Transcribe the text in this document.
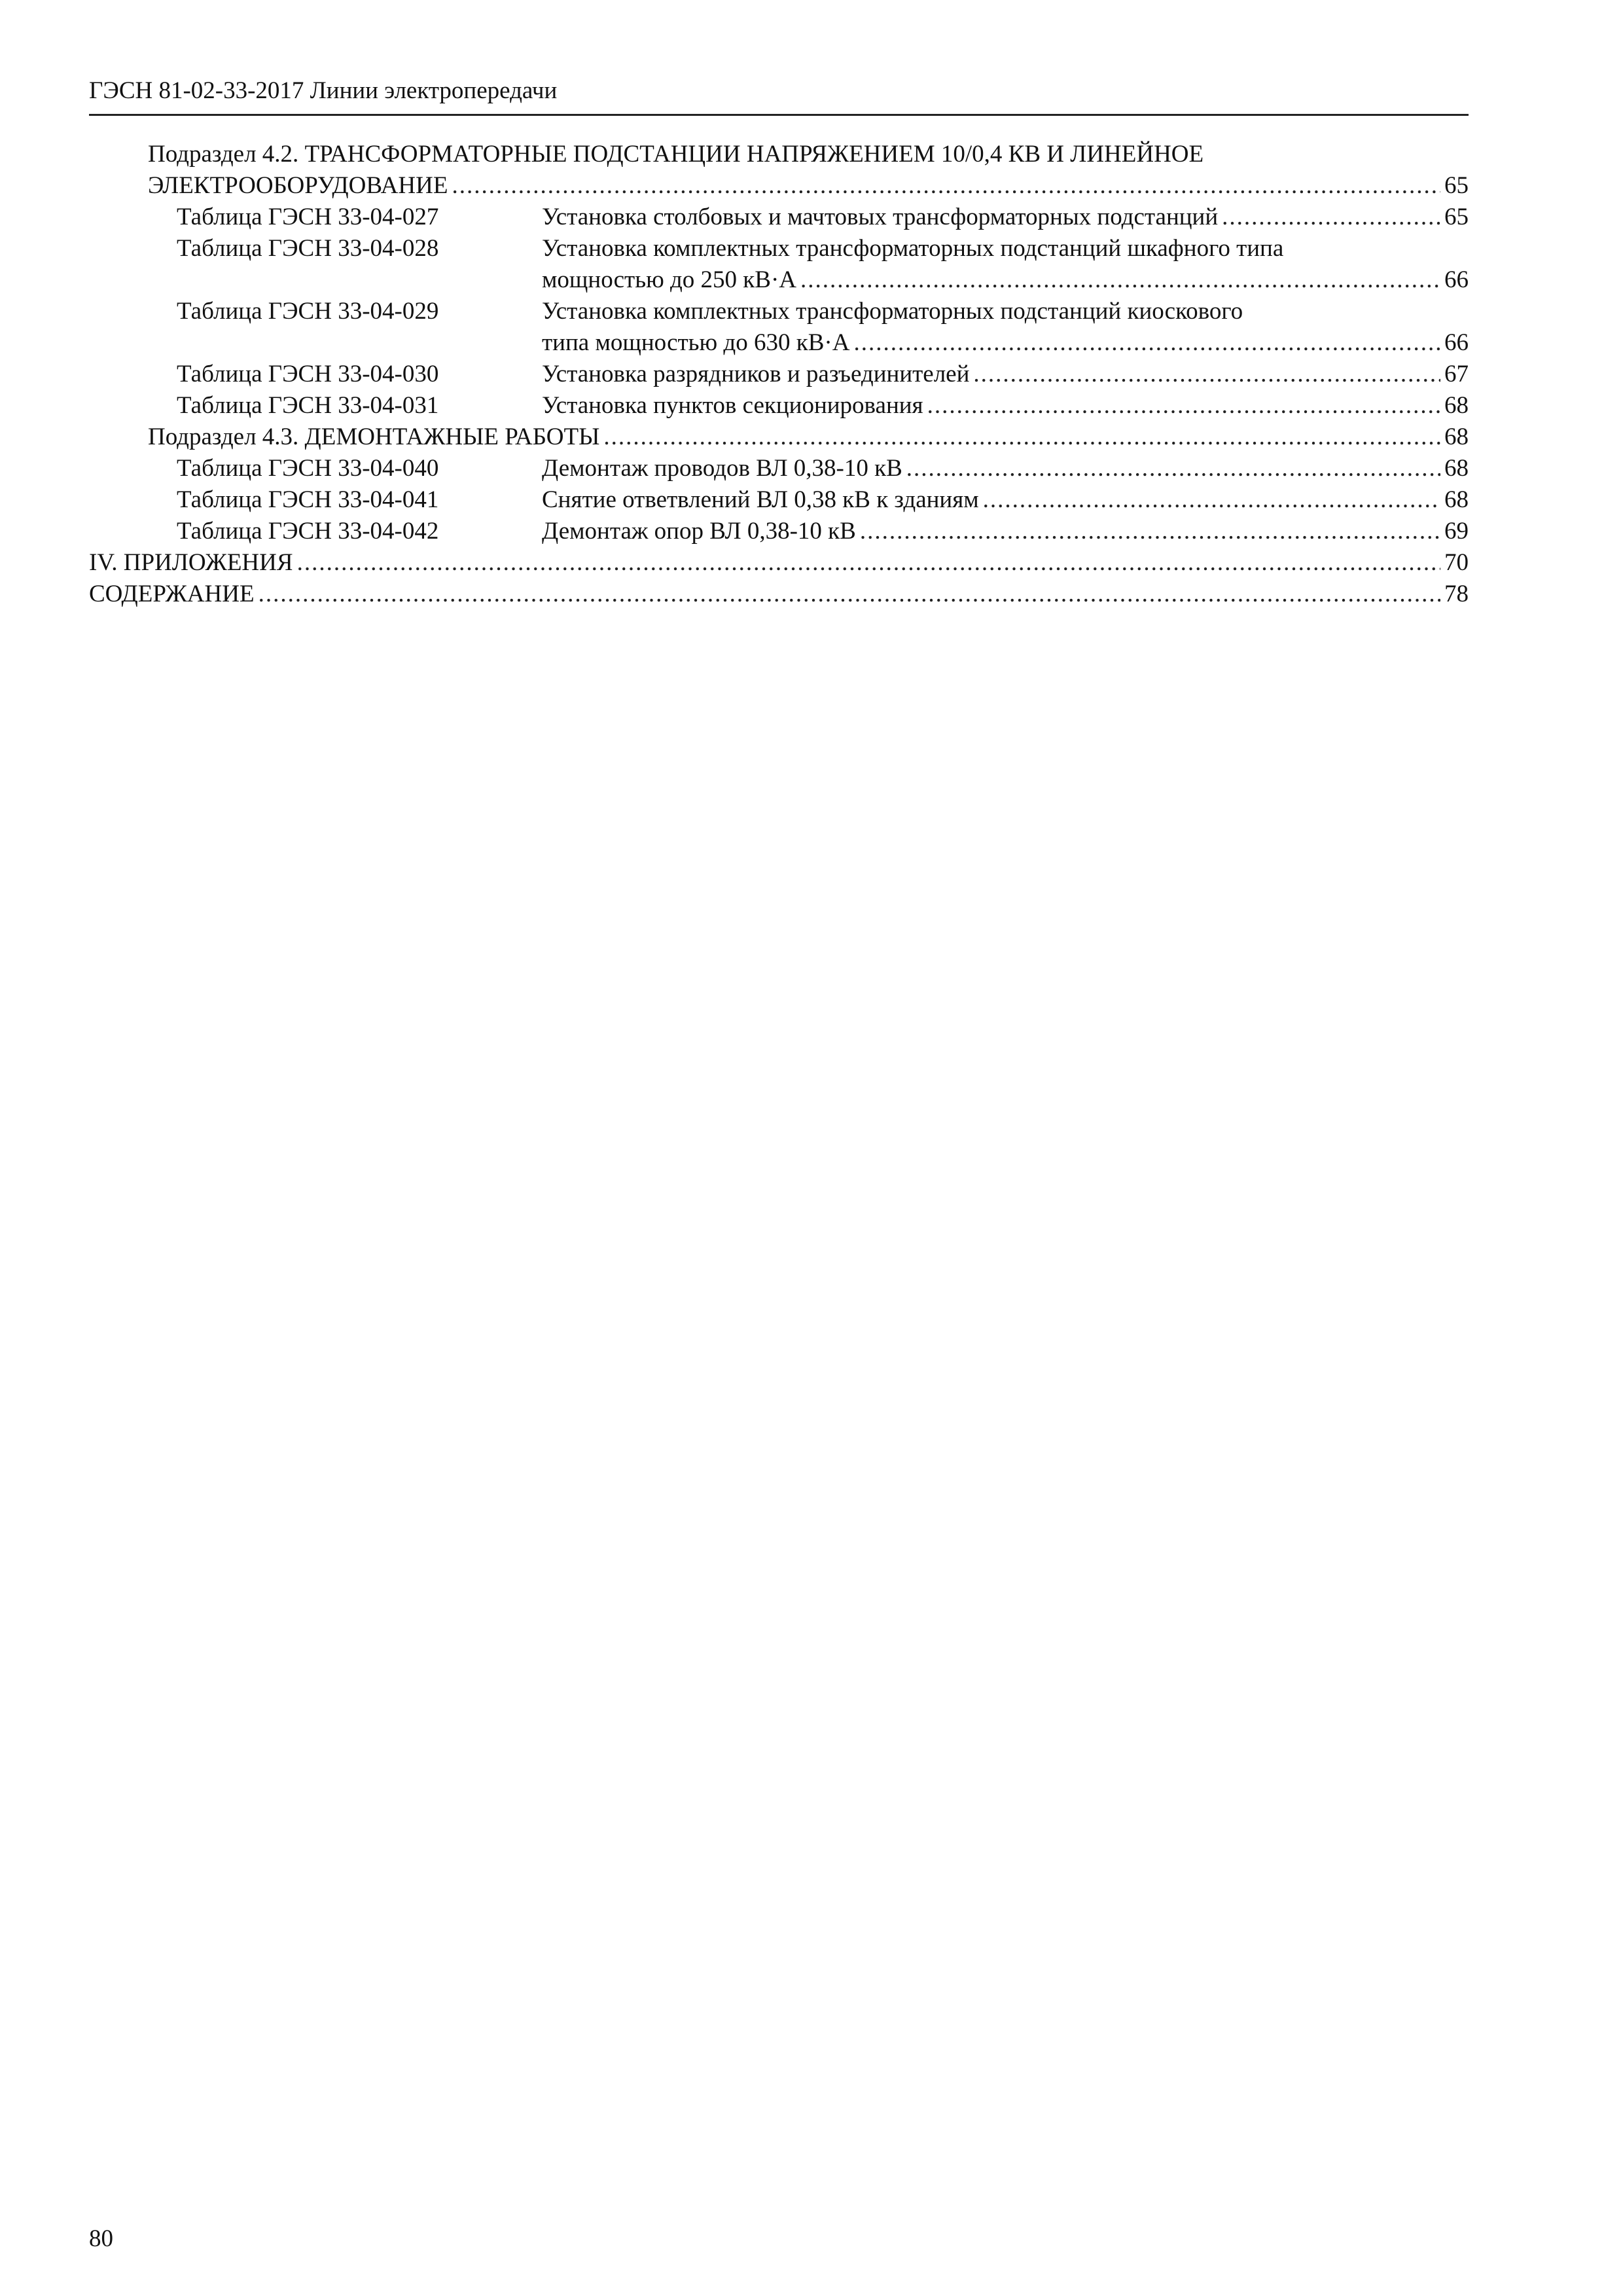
ГЭСН 81-02-33-2017 Линии электропередачи
Подраздел 4.2. ТРАНСФОРМАТОРНЫЕ ПОДСТАНЦИИ НАПРЯЖЕНИЕМ 10/0,4 КВ И ЛИНЕЙНОЕ
ЭЛЕКТРООБОРУДОВАНИЕ .....	65
Таблица ГЭСН 33-04-027	Установка столбовых и мачтовых трансформаторных подстанций .....	65
Таблица ГЭСН 33-04-028	Установка комплектных трансформаторных подстанций шкафного типа
мощностью до 250 кВ·А .....	66
Таблица ГЭСН 33-04-029	Установка комплектных трансформаторных подстанций киоскового
типа мощностью до 630 кВ·А .....	66
Таблица ГЭСН 33-04-030	Установка разрядников и разъединителей .....	67
Таблица ГЭСН 33-04-031	Установка пунктов секционирования .....	68
Подраздел 4.3. ДЕМОНТАЖНЫЕ РАБОТЫ .....	68
Таблица ГЭСН 33-04-040	Демонтаж проводов ВЛ 0,38-10 кВ .....	68
Таблица ГЭСН 33-04-041	Снятие ответвлений ВЛ 0,38 кВ к зданиям .....	68
Таблица ГЭСН 33-04-042	Демонтаж опор ВЛ 0,38-10 кВ .....	69
IV. ПРИЛОЖЕНИЯ .....	70
СОДЕРЖАНИЕ .....	78
80
